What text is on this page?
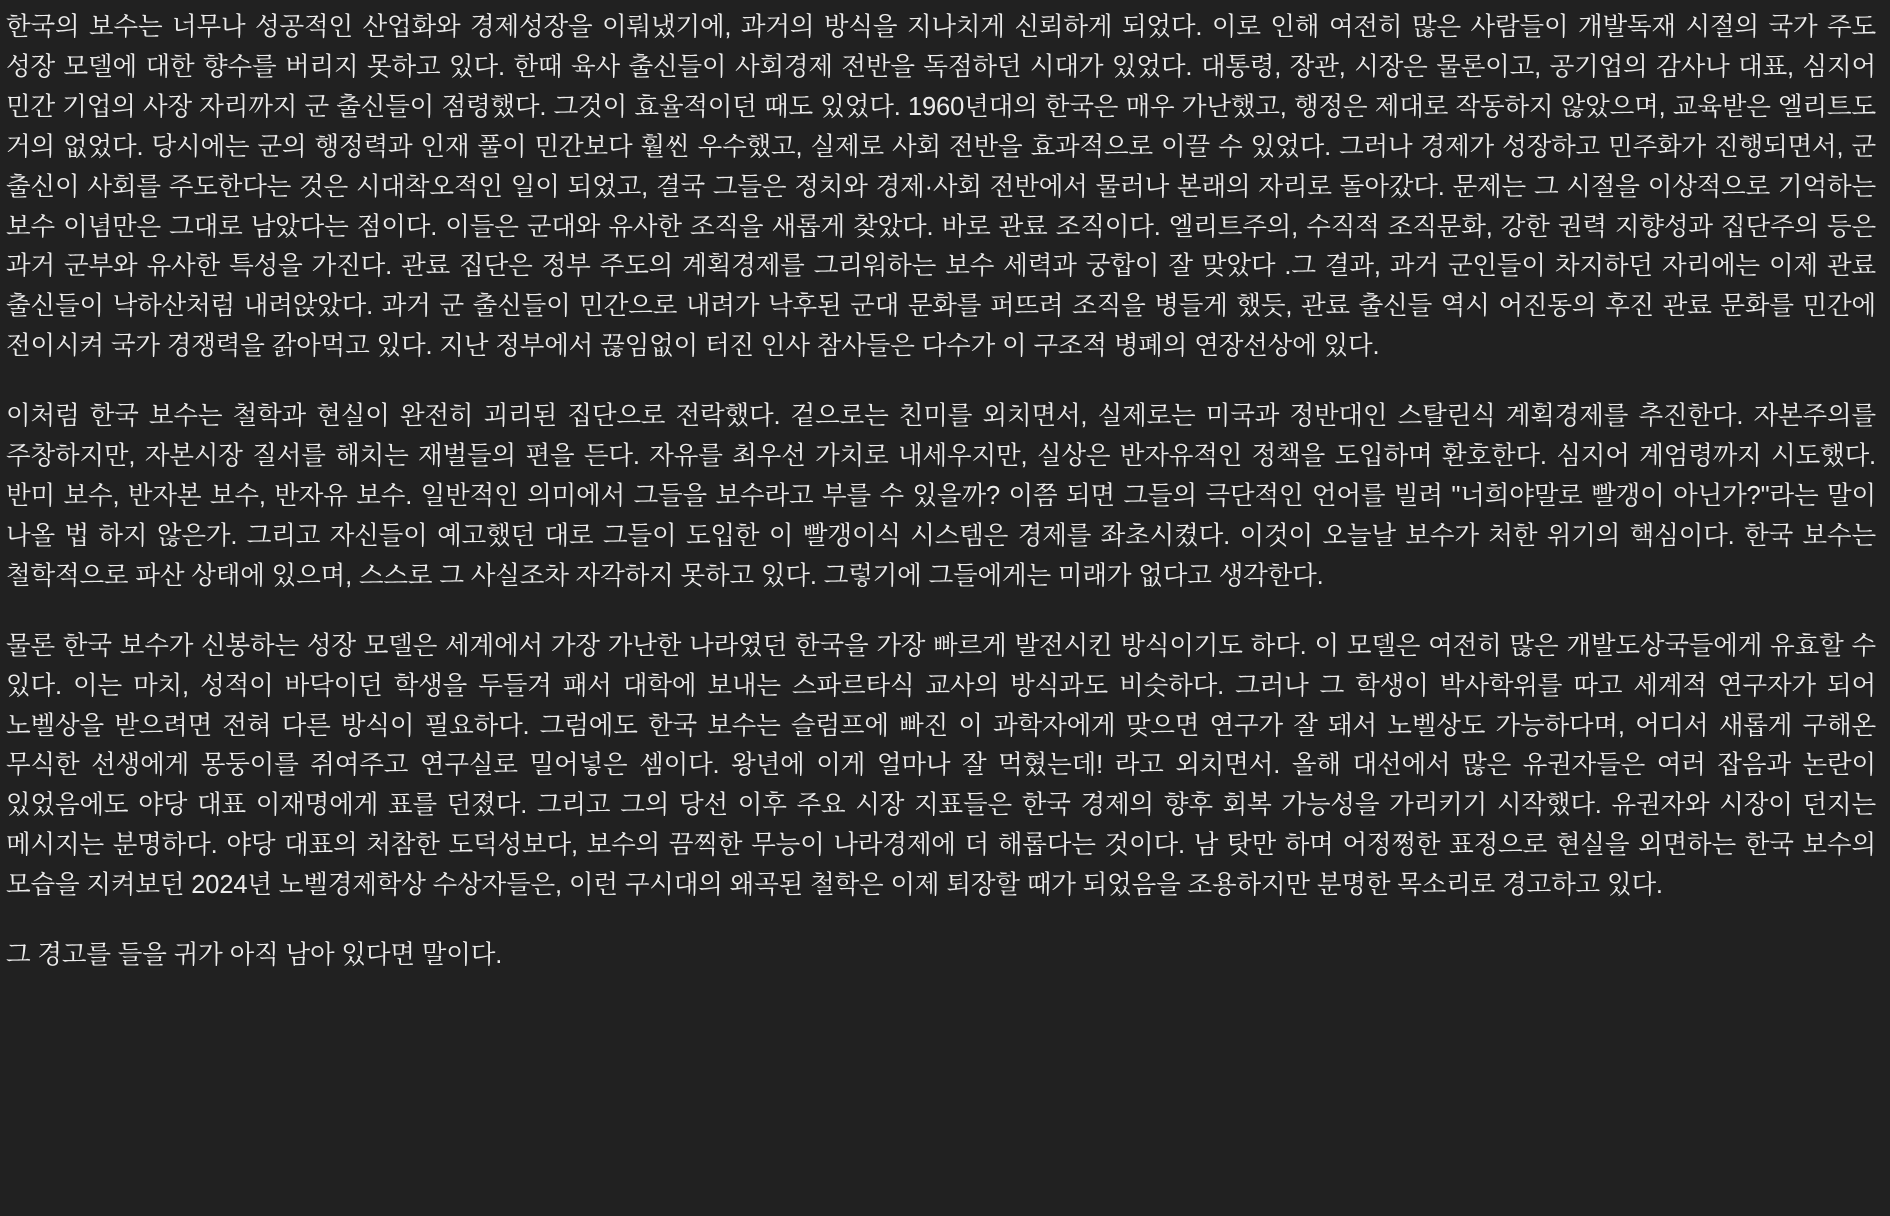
한국의 보수는 너무나 성공적인 산업화와 경제성장을 이뤄냈기에, 과거의 방식을 지나치게 신뢰하게 되었다. 이로 인해 여전히 많은 사람들이 개발독재 시절의 국가 주도 성장 모델에 대한 향수를 버리지 못하고 있다. 한때 육사 출신들이 사회경제 전반을 독점하던 시대가 있었다. 대통령, 장관, 시장은 물론이고, 공기업의 감사나 대표, 심지어 민간 기업의 사장 자리까지 군 출신들이 점령했다. 그것이 효율적이던 때도 있었다. 1960년대의 한국은 매우 가난했고, 행정은 제대로 작동하지 않았으며, 교육받은 엘리트도 거의 없었다. 당시에는 군의 행정력과 인재 풀이 민간보다 훨씬 우수했고, 실제로 사회 전반을 효과적으로 이끌 수 있었다. 그러나 경제가 성장하고 민주화가 진행되면서, 군 출신이 사회를 주도한다는 것은 시대착오적인 일이 되었고, 결국 그들은 정치와 경제·사회 전반에서 물러나 본래의 자리로 돌아갔다. 문제는 그 시절을 이상적으로 기억하는 보수 이념만은 그대로 남았다는 점이다. 이들은 군대와 유사한 조직을 새롭게 찾았다. 바로 관료 조직이다. 엘리트주의, 수직적 조직문화, 강한 권력 지향성과 집단주의 등은 과거 군부와 유사한 특성을 가진다. 관료 집단은 정부 주도의 계획경제를 그리워하는 보수 세력과 궁합이 잘 맞았다 .그 결과, 과거 군인들이 차지하던 자리에는 이제 관료 출신들이 낙하산처럼 내려앉았다. 과거 군 출신들이 민간으로 내려가 낙후된 군대 문화를 퍼뜨려 조직을 병들게 했듯, 관료 출신들 역시 어진동의 후진 관료 문화를 민간에 전이시켜 국가 경쟁력을 갉아먹고 있다. 지난 정부에서 끊임없이 터진 인사 참사들은 다수가 이 구조적 병폐의 연장선상에 있다.

이처럼 한국 보수는 철학과 현실이 완전히 괴리된 집단으로 전락했다. 겉으로는 친미를 외치면서, 실제로는 미국과 정반대인 스탈린식 계획경제를 추진한다. 자본주의를 주창하지만, 자본시장 질서를 해치는 재벌들의 편을 든다. 자유를 최우선 가치로 내세우지만, 실상은 반자유적인 정책을 도입하며 환호한다. 심지어 계엄령까지 시도했다. 반미 보수, 반자본 보수, 반자유 보수. 일반적인 의미에서 그들을 보수라고 부를 수 있을까? 이쯤 되면 그들의 극단적인 언어를 빌려 "너희야말로 빨갱이 아닌가?"라는 말이 나올 법 하지 않은가. 그리고 자신들이 예고했던 대로 그들이 도입한 이 빨갱이식 시스템은 경제를 좌초시켰다. 이것이 오늘날 보수가 처한 위기의 핵심이다. 한국 보수는 철학적으로 파산 상태에 있으며, 스스로 그 사실조차 자각하지 못하고 있다. 그렇기에 그들에게는 미래가 없다고 생각한다.

물론 한국 보수가 신봉하는 성장 모델은 세계에서 가장 가난한 나라였던 한국을 가장 빠르게 발전시킨 방식이기도 하다. 이 모델은 여전히 많은 개발도상국들에게 유효할 수 있다. 이는 마치, 성적이 바닥이던 학생을 두들겨 패서 대학에 보내는 스파르타식 교사의 방식과도 비슷하다. 그러나 그 학생이 박사학위를 따고 세계적 연구자가 되어 노벨상을 받으려면 전혀 다른 방식이 필요하다. 그럼에도 한국 보수는 슬럼프에 빠진 이 과학자에게 맞으면 연구가 잘 돼서 노벨상도 가능하다며, 어디서 새롭게 구해온 무식한 선생에게 몽둥이를 쥐여주고 연구실로 밀어넣은 셈이다. 왕년에 이게 얼마나 잘 먹혔는데! 라고 외치면서. 올해 대선에서 많은 유권자들은 여러 잡음과 논란이 있었음에도 야당 대표 이재명에게 표를 던졌다. 그리고 그의 당선 이후 주요 시장 지표들은 한국 경제의 향후 회복 가능성을 가리키기 시작했다. 유권자와 시장이 던지는 메시지는 분명하다. 야당 대표의 처참한 도덕성보다, 보수의 끔찍한 무능이 나라경제에 더 해롭다는 것이다. 남 탓만 하며 어정쩡한 표정으로 현실을 외면하는 한국 보수의 모습을 지켜보던 2024년 노벨경제학상 수상자들은, 이런 구시대의 왜곡된 철학은 이제 퇴장할 때가 되었음을 조용하지만 분명한 목소리로 경고하고 있다.

그 경고를 들을 귀가 아직 남아 있다면 말이다.
